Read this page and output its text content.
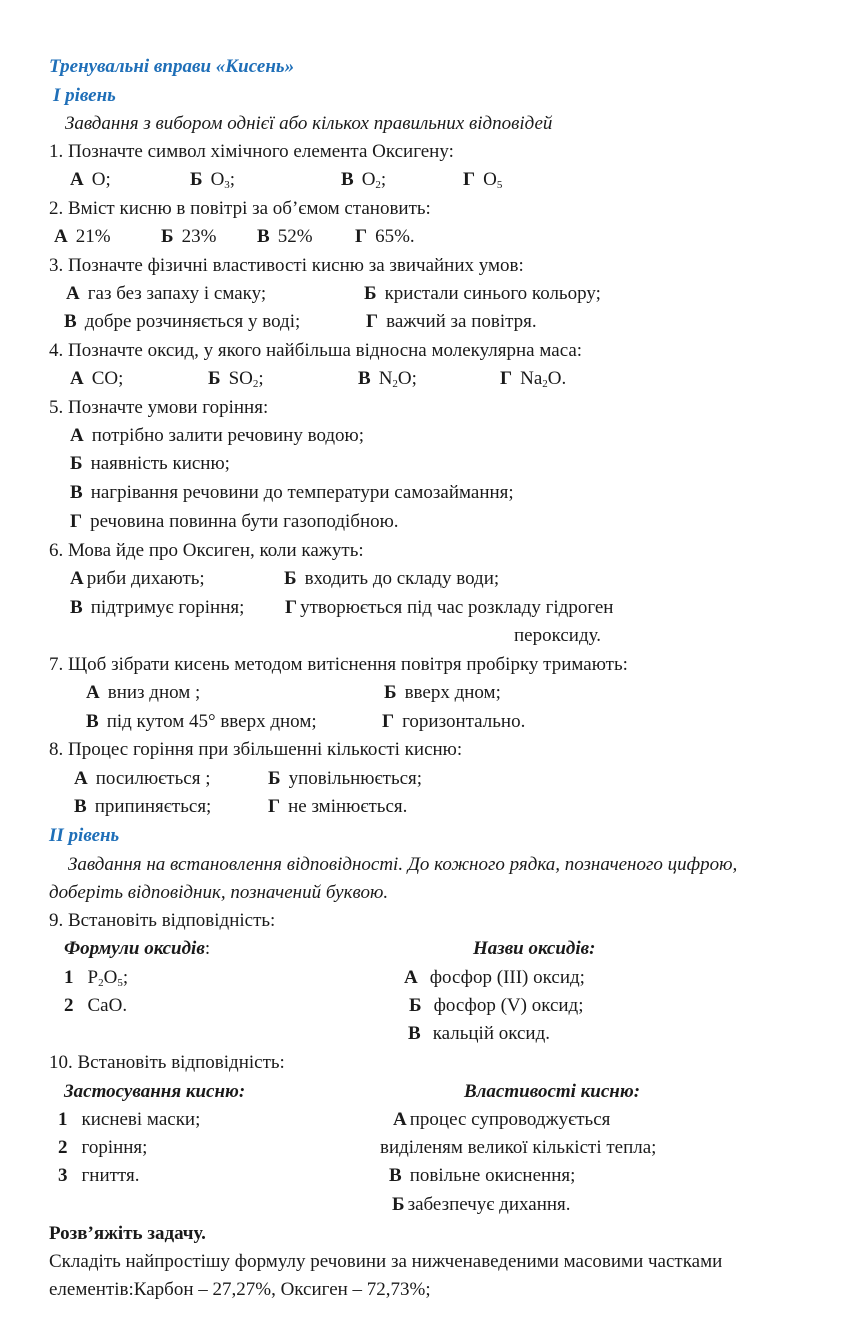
Тренувальні вправи «Кисень»
I рівень
Завдання з вибором однієї або кількох правильних відповідей
1. Позначте символ хімічного елемента Оксигену:
А O;	Б $O_3$;	В $O_2$;	Г $O_5$
2. Вміст кисню в повітрі за об’ємом становить:
А 21%	Б 23% В 52% Г 65%.
3. Позначте фізичні властивості кисню за звичайних умов:
А газ без запаху і смаку;	Б кристали синього кольору;
В добре розчиняється у воді;	Г важчий за повітря.
4. Позначте оксид, у якого найбільша відносна молекулярна маса:
А CO;	Б $SO_2$;	В $N_2O$;	Г $Na_2O$.
5. Позначте умови горіння:
А потрібно залити речовину водою;
Б наявність кисню;
В нагрівання речовини до температури самозаймання;
Г речовина повинна бути газоподібною.
6. Мова йде про Оксиген, коли кажуть:
А риби дихають;	Б входить до складу води;
В підтримує горіння; Г утворюється під час розкладу гідроген
пероксиду.
7. Щоб зібрати кисень методом витіснення повітря пробірку тримають:
А вниз дном ;	Б вверх дном;
В під кутом 45° вверх дном;	Г горизонтально.
8. Процес горіння при збільшенні кількості кисню:
А посилюється ;	Б уповільнюється;
В припиняється;	Г не змінюється.
II рівень
Завдання на встановлення відповідності. До кожного рядка, позначеного цифрою,
доберіть відповідник, позначений буквою.
9. Встановіть відповідність:
Формули оксидів:	Назви оксидів:
1 $P_2O_5$;
2 CaO.
А фосфор (III) оксид;
Б фосфор (V) оксид;
В кальцій оксид.
10. Встановіть відповідність:
Застосування кисню:	Властивості кисню:
1 кисневі маски;
2 горіння;
3 гниття.
А процес супроводжується
виділеням великої кількісті тепла;
В повільне окиснення;
Б забезпечує дихання.
Розв’яжіть задачу.
Складіть найпростішу формулу речовини за нижченаведеними масовими частками
елементів:Карбон – 27,27%, Оксиген – 72,73%;
